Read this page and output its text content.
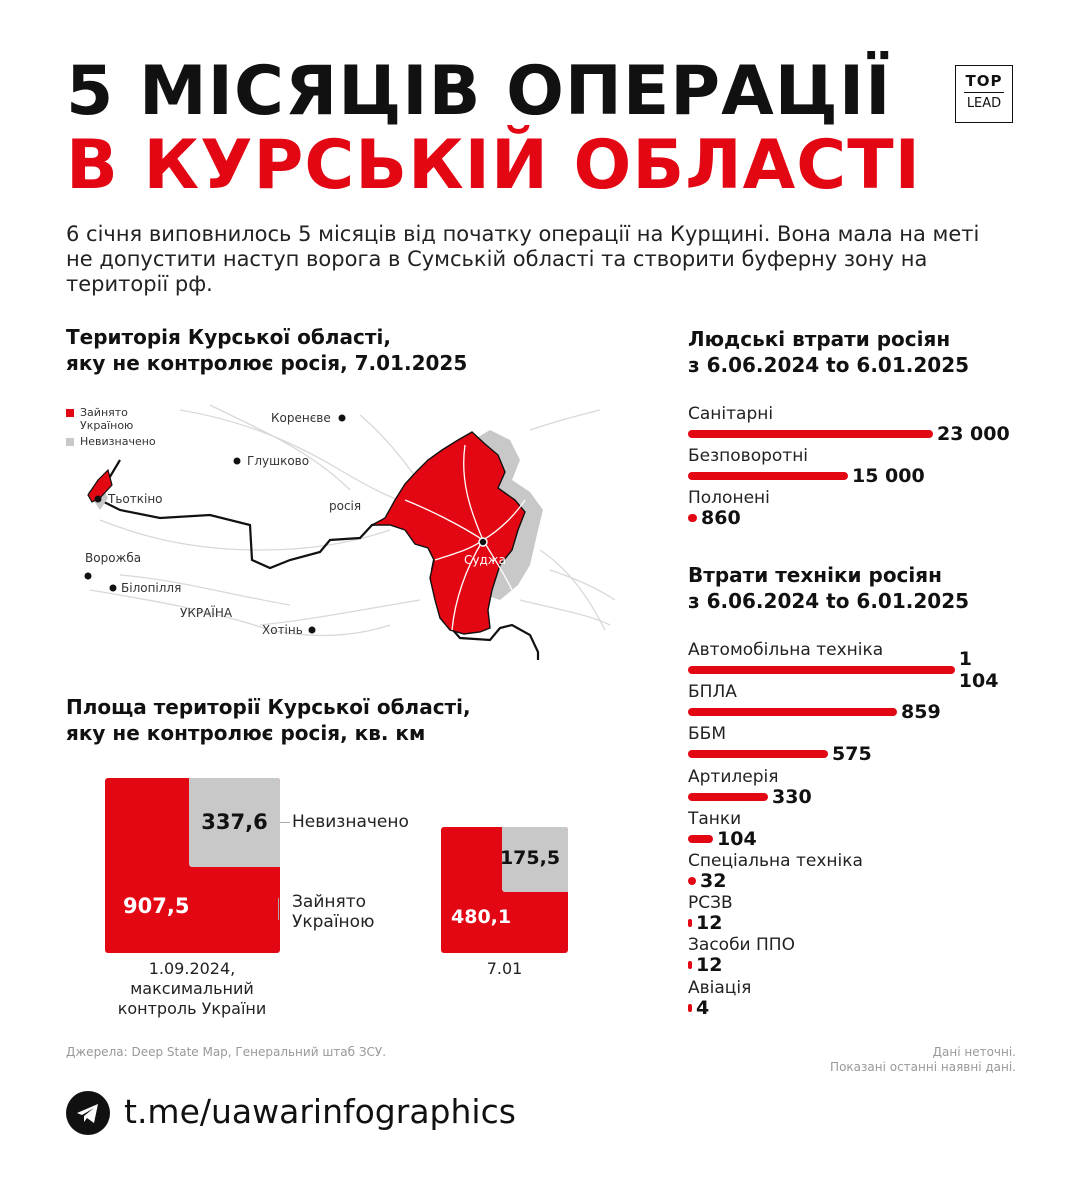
5 МІСЯЦІВ ОПЕРАЦІЇ
В КУРСЬКІЙ ОБЛАСТІ
TOP
LEAD
6 січня виповнилось 5 місяців від початку операції на Курщині. Вона мала на меті не допустити наступ ворога в Сумській області та створити буферну зону на території рф.
Територія Курської області,
яку не контролює росія, 7.01.2025
Зайнято
Україною
Невизначено
Коренєве
Глушково
Тьоткіно	росія
Ворожба
Білопілля
Суджа
УКРАЇНА
Хотінь
Площа території Курської області,
яку не контролює росія, кв. км
337,6
907,5
Невизначено
Зайнято
Україною
1.09.2024,
максимальний
контроль України
175,5
480,1
7.01
Людські втрати росіян
з 6.06.2024 to 6.01.2025
Санітарні
23 000
Безповоротні
15 000
Полонені
860
Втрати техніки росіян
з 6.06.2024 to 6.01.2025
Автомобільна техніка	1 104
БПЛА
859
ББМ
575
Артилерія
330
Танки
104
Спеціальна техніка
32
РСЗВ
12
Засоби ППО
12
Авіація
4
Джерела: Deep State Map, Генеральний штаб ЗСУ.	Дані неточні.
Показані останні наявні дані.
t.me/uawarinfographics
